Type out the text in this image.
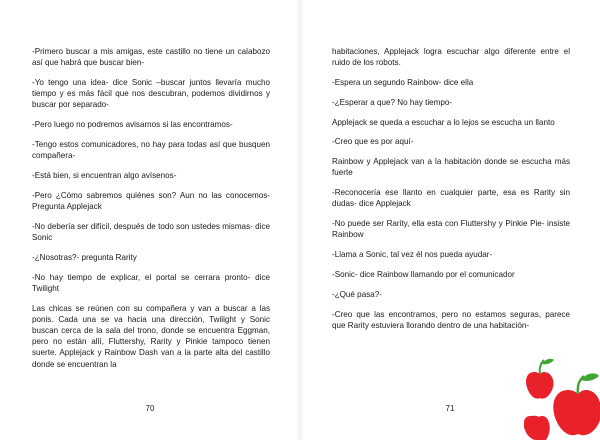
-Primero buscar a mis amigas, este castillo no tiene un calabozo así que habrá que buscar bien-

-Yo tengo una idea- dice Sonic –buscar juntos llevaría mucho tiempo y es más fácil que nos descubran, podemos dividirnos y buscar por separado-

-Pero luego no podremos avisarnos si las encontramos-

-Tengo estos comunicadores, no hay para todas así que busquen compañera-

-Está bien, si encuentran algo avísenos-

-Pero ¿Cómo sabremos quiénes son? Aun no las conocemos- Pregunta Applejack

-No debería ser difícil, después de todo son ustedes mismas- dice Sonic

-¿Nosotras?- pregunta Rarity

-No hay tiempo de explicar, el portal se cerrara pronto- dice Twilight

Las chicas se reúnen con su compañera y van a buscar a las ponis. Cada una se va hacia una dirección, Twilight y Sonic buscan cerca de la sala del trono, donde se encuentra Eggman, pero no están allí, Fluttershy, Rarity y Pinkie tampoco tienen suerte. Applejack y Rainbow Dash van a la parte alta del castillo donde se encuentran la

70

habitaciones, Applejack logra escuchar algo diferente entre el ruido de los robots.

-Espera un segundo Rainbow- dice ella

-¿Esperar a que? No hay tiempo-

Applejack se queda a escuchar a lo lejos se escucha un llanto

-Creo que es por aquí-

Rainbow y Applejack van a la habitación donde se escucha más fuerte

-Reconocería ese llanto en cualquier parte, esa es Rarity sin dudas- dice Applejack

-No puede ser Rarity, ella esta con Fluttershy y Pinkie Pie- insiste Rainbow

-Llama a Sonic, tal vez él nos pueda ayudar-

-Sonic- dice Rainbow llamando por el comunicador

-¿Qué pasa?-

-Creo que las encontramos, pero no estamos seguras, parece que Rarity estuviera llorando dentro de una habitación-

71
